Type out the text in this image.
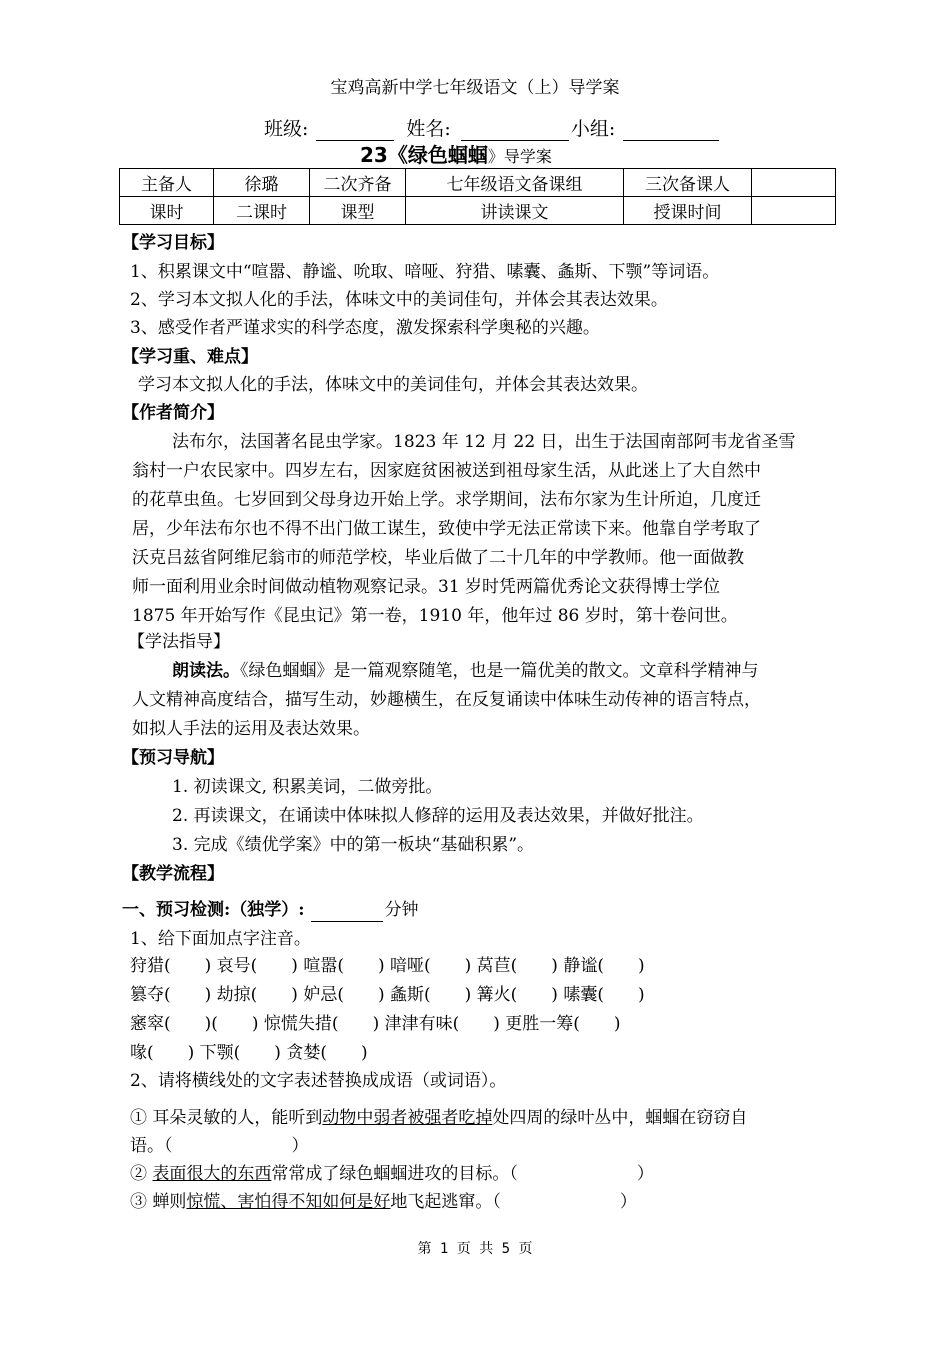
宝鸡高新中学七年级语文（上）导学案
班级:	姓名:	小组:
23《绿色蝈蝈》导学案
主备人	徐璐	二次齐备	七年级语文备课组	三次备课人	
课时	二课时	课型	讲读课文	授课时间	
【学习目标】
1、积累课文中“喧嚣、静谧、吮取、喑哑、狩猎、嗉囊、螽斯、下颚”等词语。
2、学习本文拟人化的手法，体味文中的美词佳句，并体会其表达效果。
3、感受作者严谨求实的科学态度，激发探索科学奥秘的兴趣。
【学习重、难点】
学习本文拟人化的手法，体味文中的美词佳句，并体会其表达效果。
【作者简介】
法布尔，法国著名昆虫学家。1823 年 12 月 22 日，出生于法国南部阿韦龙省圣雪
翁村一户农民家中。四岁左右，因家庭贫困被送到祖母家生活，从此迷上了大自然中
的花草虫鱼。七岁回到父母身边开始上学。求学期间，法布尔家为生计所迫，几度迁
居，少年法布尔也不得不出门做工谋生，致使中学无法正常读下来。他靠自学考取了
沃克吕兹省阿维尼翁市的师范学校，毕业后做了二十几年的中学教师。他一面做教
师一面利用业余时间做动植物观察记录。31 岁时凭两篇优秀论文获得博士学位
1875 年开始写作《昆虫记》第一卷，1910 年，他年过 86 岁时，第十卷问世。
【学法指导】
朗读法。《绿色蝈蝈》是一篇观察随笔，也是一篇优美的散文。文章科学精神与
人文精神高度结合，描写生动，妙趣横生，在反复诵读中体味生动传神的语言特点，
如拟人手法的运用及表达效果。
【预习导航】
1. 初读课文, 积累美词，二做旁批。
2. 再读课文，在诵读中体味拟人修辞的运用及表达效果，并做好批注。
3. 完成《绩优学案》中的第一板块“基础积累”。
【教学流程】
一、预习检测:（独学）:	分钟
1、给下面加点字注音。
狩猎(　　) 哀号(　　) 喧嚣(　　) 喑哑(　　) 莴苣(　　) 静谧(　　)
篡夺(　　) 劫掠(　　) 妒忌(　　) 螽斯(　　) 篝火(　　) 嗉囊(　　)
窸窣(　　)(　　) 惊慌失措(　　) 津津有味(　　) 更胜一筹(　　)
喙(　　) 下颚(　　) 贪婪(　　)
2、请将横线处的文字表述替换成成语（或词语）。
① 耳朵灵敏的人，能听到动物中弱者被强者吃掉处四周的绿叶丛中，蝈蝈在窃窃自
语。（　　　　　　　）
② 表面很大的东西常常成了绿色蝈蝈进攻的目标。（　　　　　　　）
③ 蝉则惊慌、害怕得不知如何是好地飞起逃窜。（　　　　　　　）
第 1 页 共 5 页
